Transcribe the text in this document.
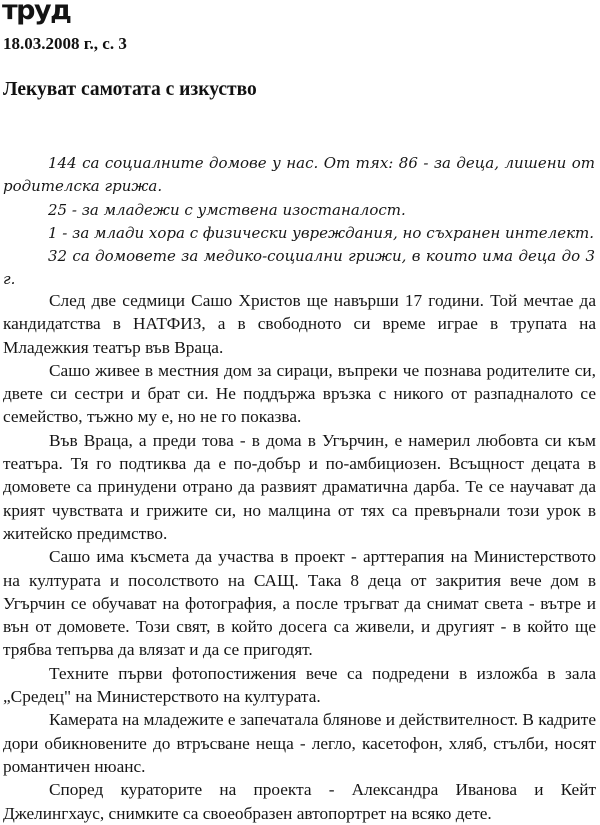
труд
18.03.2008 г., с. 3
Лекуват самотата с изкуство

144 са социалните домове у нас. От тях: 86 - за деца, лишени от родителска грижа.

25 - за младежи с умствена изостаналост.

1 - за млади хора с физически увреждания, но съхранен интелект.

32 са домовете за медико-социални грижи, в които има деца до 3 г.

След две седмици Сашо Христов ще навърши 17 години. Той мечтае да кандидатства в НАТФИЗ, а в свободното си време играе в трупата на Младежкия театър във Враца.

Сашо живее в местния дом за сираци, въпреки че познава родителите си, двете си сестри и брат си. Не поддържа връзка с никого от разпадналото се семейство, тъжно му е, но не го показва.

Във Враца, а преди това - в дома в Угърчин, е намерил любовта си към театъра. Тя го подтиква да е по-добър и по-амбициозен. Всъщност децата в домовете са принудени отрано да развият драматична дарба. Те се научават да крият чувствата и грижите си, но малцина от тях са превърнали този урок в житейско предимство.

Сашо има късмета да участва в проект - арттерапия на Министерството на културата и посолството на САЩ. Така 8 деца от закрития вече дом в Угърчин се обучават на фотография, а после тръгват да снимат света - вътре и вън от домовете. Този свят, в който досега са живели, и другият - в който ще трябва тепърва да влязат и да се пригодят.

Техните първи фотопостижения вече са подредени в изложба в зала „Средец" на Министерството на културата.

Камерата на младежите е запечатала блянове и действителност. В кадрите дори обикновените до втръсване неща - легло, касетофон, хляб, стълби, носят романтичен нюанс.

Според кураторите на проекта - Александра Иванова и Кейт Джелингхаус, снимките са своеобразен автопортрет на всяко дете.
